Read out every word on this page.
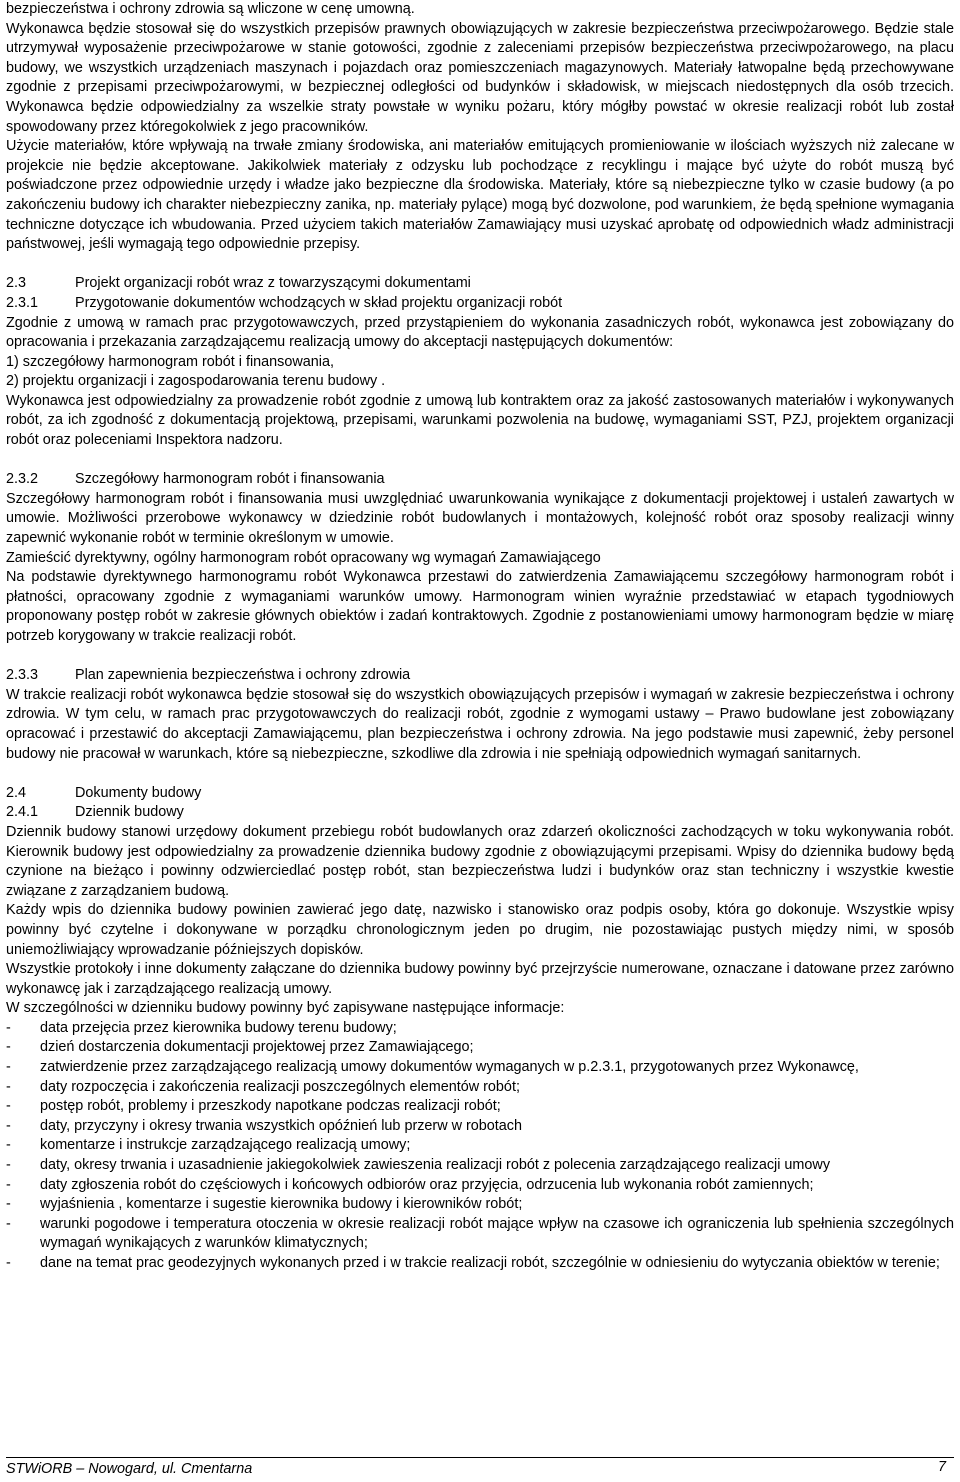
bezpieczeństwa i ochrony zdrowia są wliczone w cenę umowną.

Wykonawca będzie stosował się do wszystkich przepisów prawnych obowiązujących w zakresie bezpieczeństwa przeciwpożarowego. Będzie stale utrzymywał wyposażenie przeciwpożarowe w stanie gotowości, zgodnie z zaleceniami przepisów bezpieczeństwa przeciwpożarowego, na placu budowy, we wszystkich urządzeniach maszynach i pojazdach oraz pomieszczeniach magazynowych. Materiały łatwopalne będą przechowywane zgodnie z przepisami przeciwpożarowymi, w bezpiecznej odległości od budynków i składowisk, w miejscach niedostępnych dla osób trzecich. Wykonawca będzie odpowiedzialny za wszelkie straty powstałe w wyniku pożaru, który mógłby powstać w okresie realizacji robót lub został spowodowany przez któregokolwiek z jego pracowników.

Użycie materiałów, które wpływają na trwałe zmiany środowiska, ani materiałów emitujących promieniowanie w ilościach wyższych niż zalecane w projekcie nie będzie akceptowane. Jakikolwiek materiały z odzysku lub pochodzące z recyklingu i mające być użyte do robót muszą być poświadczone przez odpowiednie urzędy i władze jako bezpieczne dla środowiska. Materiały, które są niebezpieczne tylko w czasie budowy (a po zakończeniu budowy ich charakter niebezpieczny zanika, np. materiały pylące) mogą być dozwolone, pod warunkiem, że będą spełnione wymagania techniczne dotyczące ich wbudowania. Przed użyciem takich materiałów Zamawiający musi uzyskać aprobatę od odpowiednich władz administracji państwowej, jeśli wymagają tego odpowiednie przepisy.

2.3	Projekt organizacji robót wraz z towarzyszącymi dokumentami
2.3.1	Przygotowanie dokumentów wchodzących w skład projektu organizacji robót

Zgodnie z umową w ramach prac przygotowawczych, przed przystąpieniem do wykonania zasadniczych robót, wykonawca jest zobowiązany do opracowania i przekazania zarządzającemu realizacją umowy do akceptacji następujących dokumentów:

1) szczegółowy harmonogram robót i finansowania,

2) projektu organizacji i zagospodarowania terenu budowy .

Wykonawca jest odpowiedzialny za prowadzenie robót zgodnie z umową lub kontraktem oraz za jakość zastosowanych materiałów i wykonywanych robót, za ich zgodność z dokumentacją projektową, przepisami, warunkami pozwolenia na budowę, wymaganiami SST, PZJ, projektem organizacji robót oraz poleceniami Inspektora nadzoru.

2.3.2	Szczegółowy harmonogram robót i finansowania

Szczegółowy harmonogram robót i finansowania musi uwzględniać uwarunkowania wynikające z dokumentacji projektowej i ustaleń zawartych w umowie. Możliwości przerobowe wykonawcy w dziedzinie robót budowlanych i montażowych, kolejność robót oraz sposoby realizacji winny zapewnić wykonanie robót w terminie określonym w umowie.

Zamieścić dyrektywny, ogólny harmonogram robót opracowany wg wymagań Zamawiającego

Na podstawie dyrektywnego harmonogramu robót Wykonawca przestawi do zatwierdzenia Zamawiającemu szczegółowy harmonogram robót i płatności, opracowany zgodnie z wymaganiami warunków umowy. Harmonogram winien wyraźnie przedstawiać w etapach tygodniowych proponowany postęp robót w zakresie głównych obiektów i zadań kontraktowych. Zgodnie z postanowieniami umowy harmonogram będzie w miarę potrzeb korygowany w trakcie realizacji robót.

2.3.3	Plan zapewnienia bezpieczeństwa i ochrony zdrowia

W trakcie realizacji robót wykonawca będzie stosował się do wszystkich obowiązujących przepisów i wymagań w zakresie bezpieczeństwa i ochrony zdrowia. W tym celu, w ramach prac przygotowawczych do realizacji robót, zgodnie z wymogami ustawy – Prawo budowlane jest zobowiązany opracować i przestawić do akceptacji Zamawiającemu, plan bezpieczeństwa i ochrony zdrowia. Na jego podstawie musi zapewnić, żeby personel budowy nie pracował w warunkach, które są niebezpieczne, szkodliwe dla zdrowia i nie spełniają odpowiednich wymagań sanitarnych.

2.4	Dokumenty budowy
2.4.1	Dziennik budowy

Dziennik budowy stanowi urzędowy dokument przebiegu robót budowlanych oraz zdarzeń okoliczności zachodzących w toku wykonywania robót. Kierownik budowy jest odpowiedzialny za prowadzenie dziennika budowy zgodnie z obowiązującymi przepisami. Wpisy do dziennika budowy będą czynione na bieżąco i powinny odzwierciedlać postęp robót, stan bezpieczeństwa ludzi i budynków oraz stan techniczny i wszystkie kwestie związane z zarządzaniem budową.

Każdy wpis do dziennika budowy powinien zawierać jego datę, nazwisko i stanowisko oraz podpis osoby, która go dokonuje. Wszystkie wpisy powinny być czytelne i dokonywane w porządku chronologicznym jeden po drugim, nie pozostawiając pustych między nimi, w sposób uniemożliwiający wprowadzanie późniejszych dopisków.

Wszystkie protokoły i inne dokumenty załączane do dziennika budowy powinny być przejrzyście numerowane, oznaczane i datowane przez zarówno wykonawcę jak i zarządzającego realizacją umowy.

W szczególności w dzienniku budowy powinny być zapisywane następujące informacje:

-	data przejęcia przez kierownika budowy terenu budowy;
-	dzień dostarczenia dokumentacji projektowej przez Zamawiającego;
-	zatwierdzenie przez zarządzającego realizacją umowy dokumentów wymaganych w p.2.3.1, przygotowanych przez Wykonawcę,
-	daty rozpoczęcia i zakończenia realizacji poszczególnych elementów robót;
-	postęp robót, problemy i przeszkody napotkane podczas realizacji robót;
-	daty, przyczyny i okresy trwania wszystkich opóźnień lub przerw w robotach
-	komentarze i instrukcje zarządzającego realizacją umowy;
-	daty, okresy trwania i uzasadnienie jakiegokolwiek zawieszenia realizacji robót z polecenia zarządzającego realizacji umowy
-	daty zgłoszenia robót do częściowych i końcowych odbiorów oraz przyjęcia, odrzucenia lub wykonania robót zamiennych;
-	wyjaśnienia , komentarze i sugestie kierownika budowy i kierowników robót;
-	warunki pogodowe i temperatura otoczenia w okresie realizacji robót mające wpływ na czasowe ich ograniczenia lub spełnienia szczególnych wymagań wynikających z warunków klimatycznych;
-	dane na temat prac geodezyjnych wykonanych przed i w trakcie realizacji robót, szczególnie w odniesieniu do wytyczania obiektów w terenie;
STWiORB – Nowogard, ul. Cmentarna	7
